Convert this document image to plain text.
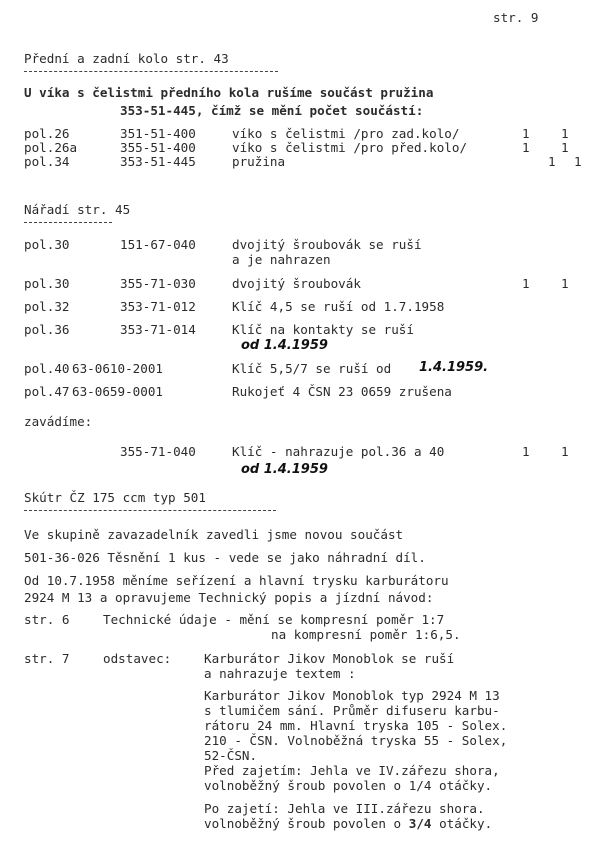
str. 9
Přední a zadní kolo str. 43
U víka s čelistmi předního kola rušíme součást pružina
353-51-445, čímž se mění počet součástí:
pol.26	351-51-400	víko s čelistmi /pro zad.kolo/	1 1
pol.26a	355-51-400	víko s čelistmi /pro před.kolo/	1 1
pol.34	353-51-445	pružina	1 1
Nářadí str. 45
pol.30	151-67-040	dvojitý šroubovák se ruší
a je nahrazen
pol.30	355-71-030	dvojitý šroubovák	1 1
pol.32	353-71-012	Klíč 4,5 se ruší od 1.7.1958
pol.36	353-71-014	Klíč na kontakty se ruší
od 1.4.1959
pol.40 63-0610-2001	Klíč 5,5/7 se ruší od 1.4.1959.
pol.47 63-0659-0001	Rukojeť 4 ČSN 23 0659 zrušena
zavádíme:
355-71-040	Klíč - nahrazuje pol.36 a 40	1 1
od 1.4.1959
Skútr ČZ 175 ccm typ 501
Ve skupině zavazadelník zavedli jsme novou součást
501-36-026 Těsnění 1 kus - vede se jako náhradní díl.
Od 10.7.1958 měníme seřízení a hlavní trysku karburátoru
2924 M 13 a opravujeme Technický popis a jízdní návod:
str. 6	Technické údaje - mění se kompresní poměr 1:7
na kompresní poměr 1:6,5.
str. 7	odstavec:	Karburátor Jikov Monoblok se ruší
a nahrazuje textem :
Karburátor Jikov Monoblok typ 2924 M 13
s tlumičem sání. Průměr difuseru karbu-
rátoru 24 mm. Hlavní tryska 105 - Solex.
210 - ČSN. Volnoběžná tryska 55 - Solex,
52-ČSN.
Před zajetím: Jehla ve IV.zářezu shora,
volnoběžný šroub povolen o 1/4 otáčky.
Po zajetí: Jehla ve III.zářezu shora.
volnoběžný šroub povolen o 3/4 otáčky.
